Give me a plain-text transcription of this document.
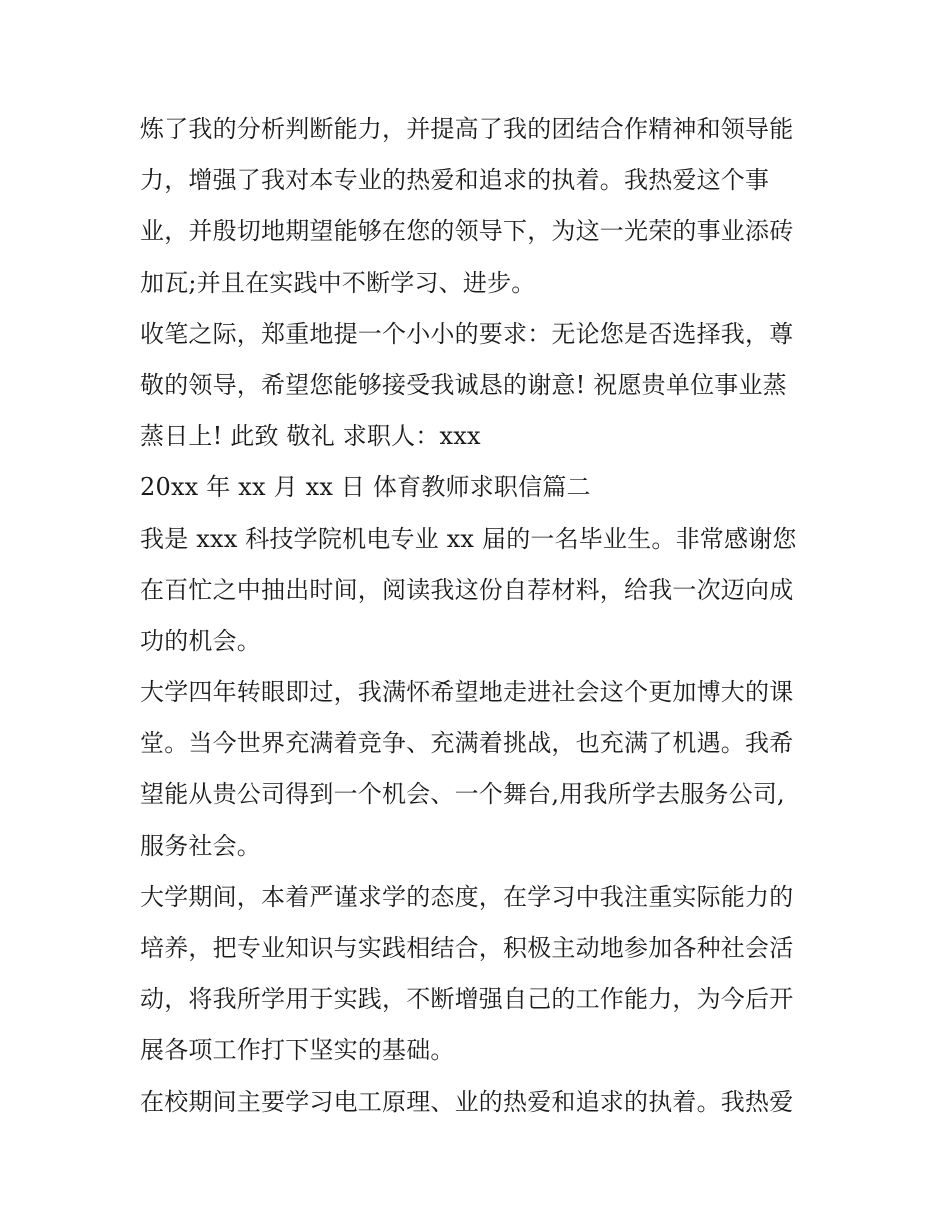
炼了我的分析判断能力，并提高了我的团结合作精神和领导能
力，增强了我对本专业的热爱和追求的执着。我热爱这个事
业，并殷切地期望能够在您的领导下，为这一光荣的事业添砖
加瓦;并且在实践中不断学习、进步。
收笔之际，郑重地提一个小小的要求：无论您是否选择我，尊
敬的领导，希望您能够接受我诚恳的谢意! 祝愿贵单位事业蒸
蒸日上! 此致 敬礼 求职人：xxx
20xx 年 xx 月 xx 日 体育教师求职信篇二
我是 xxx 科技学院机电专业 xx 届的一名毕业生。非常感谢您
在百忙之中抽出时间，阅读我这份自荐材料，给我一次迈向成
功的机会。
大学四年转眼即过，我满怀希望地走进社会这个更加博大的课
堂。当今世界充满着竞争、充满着挑战，也充满了机遇。我希
望能从贵公司得到一个机会、一个舞台,用我所学去服务公司,
服务社会。
大学期间，本着严谨求学的态度，在学习中我注重实际能力的
培养，把专业知识与实践相结合，积极主动地参加各种社会活
动，将我所学用于实践，不断增强自己的工作能力，为今后开
展各项工作打下坚实的基础。
在校期间主要学习电工原理、业的热爱和追求的执着。我热爱
